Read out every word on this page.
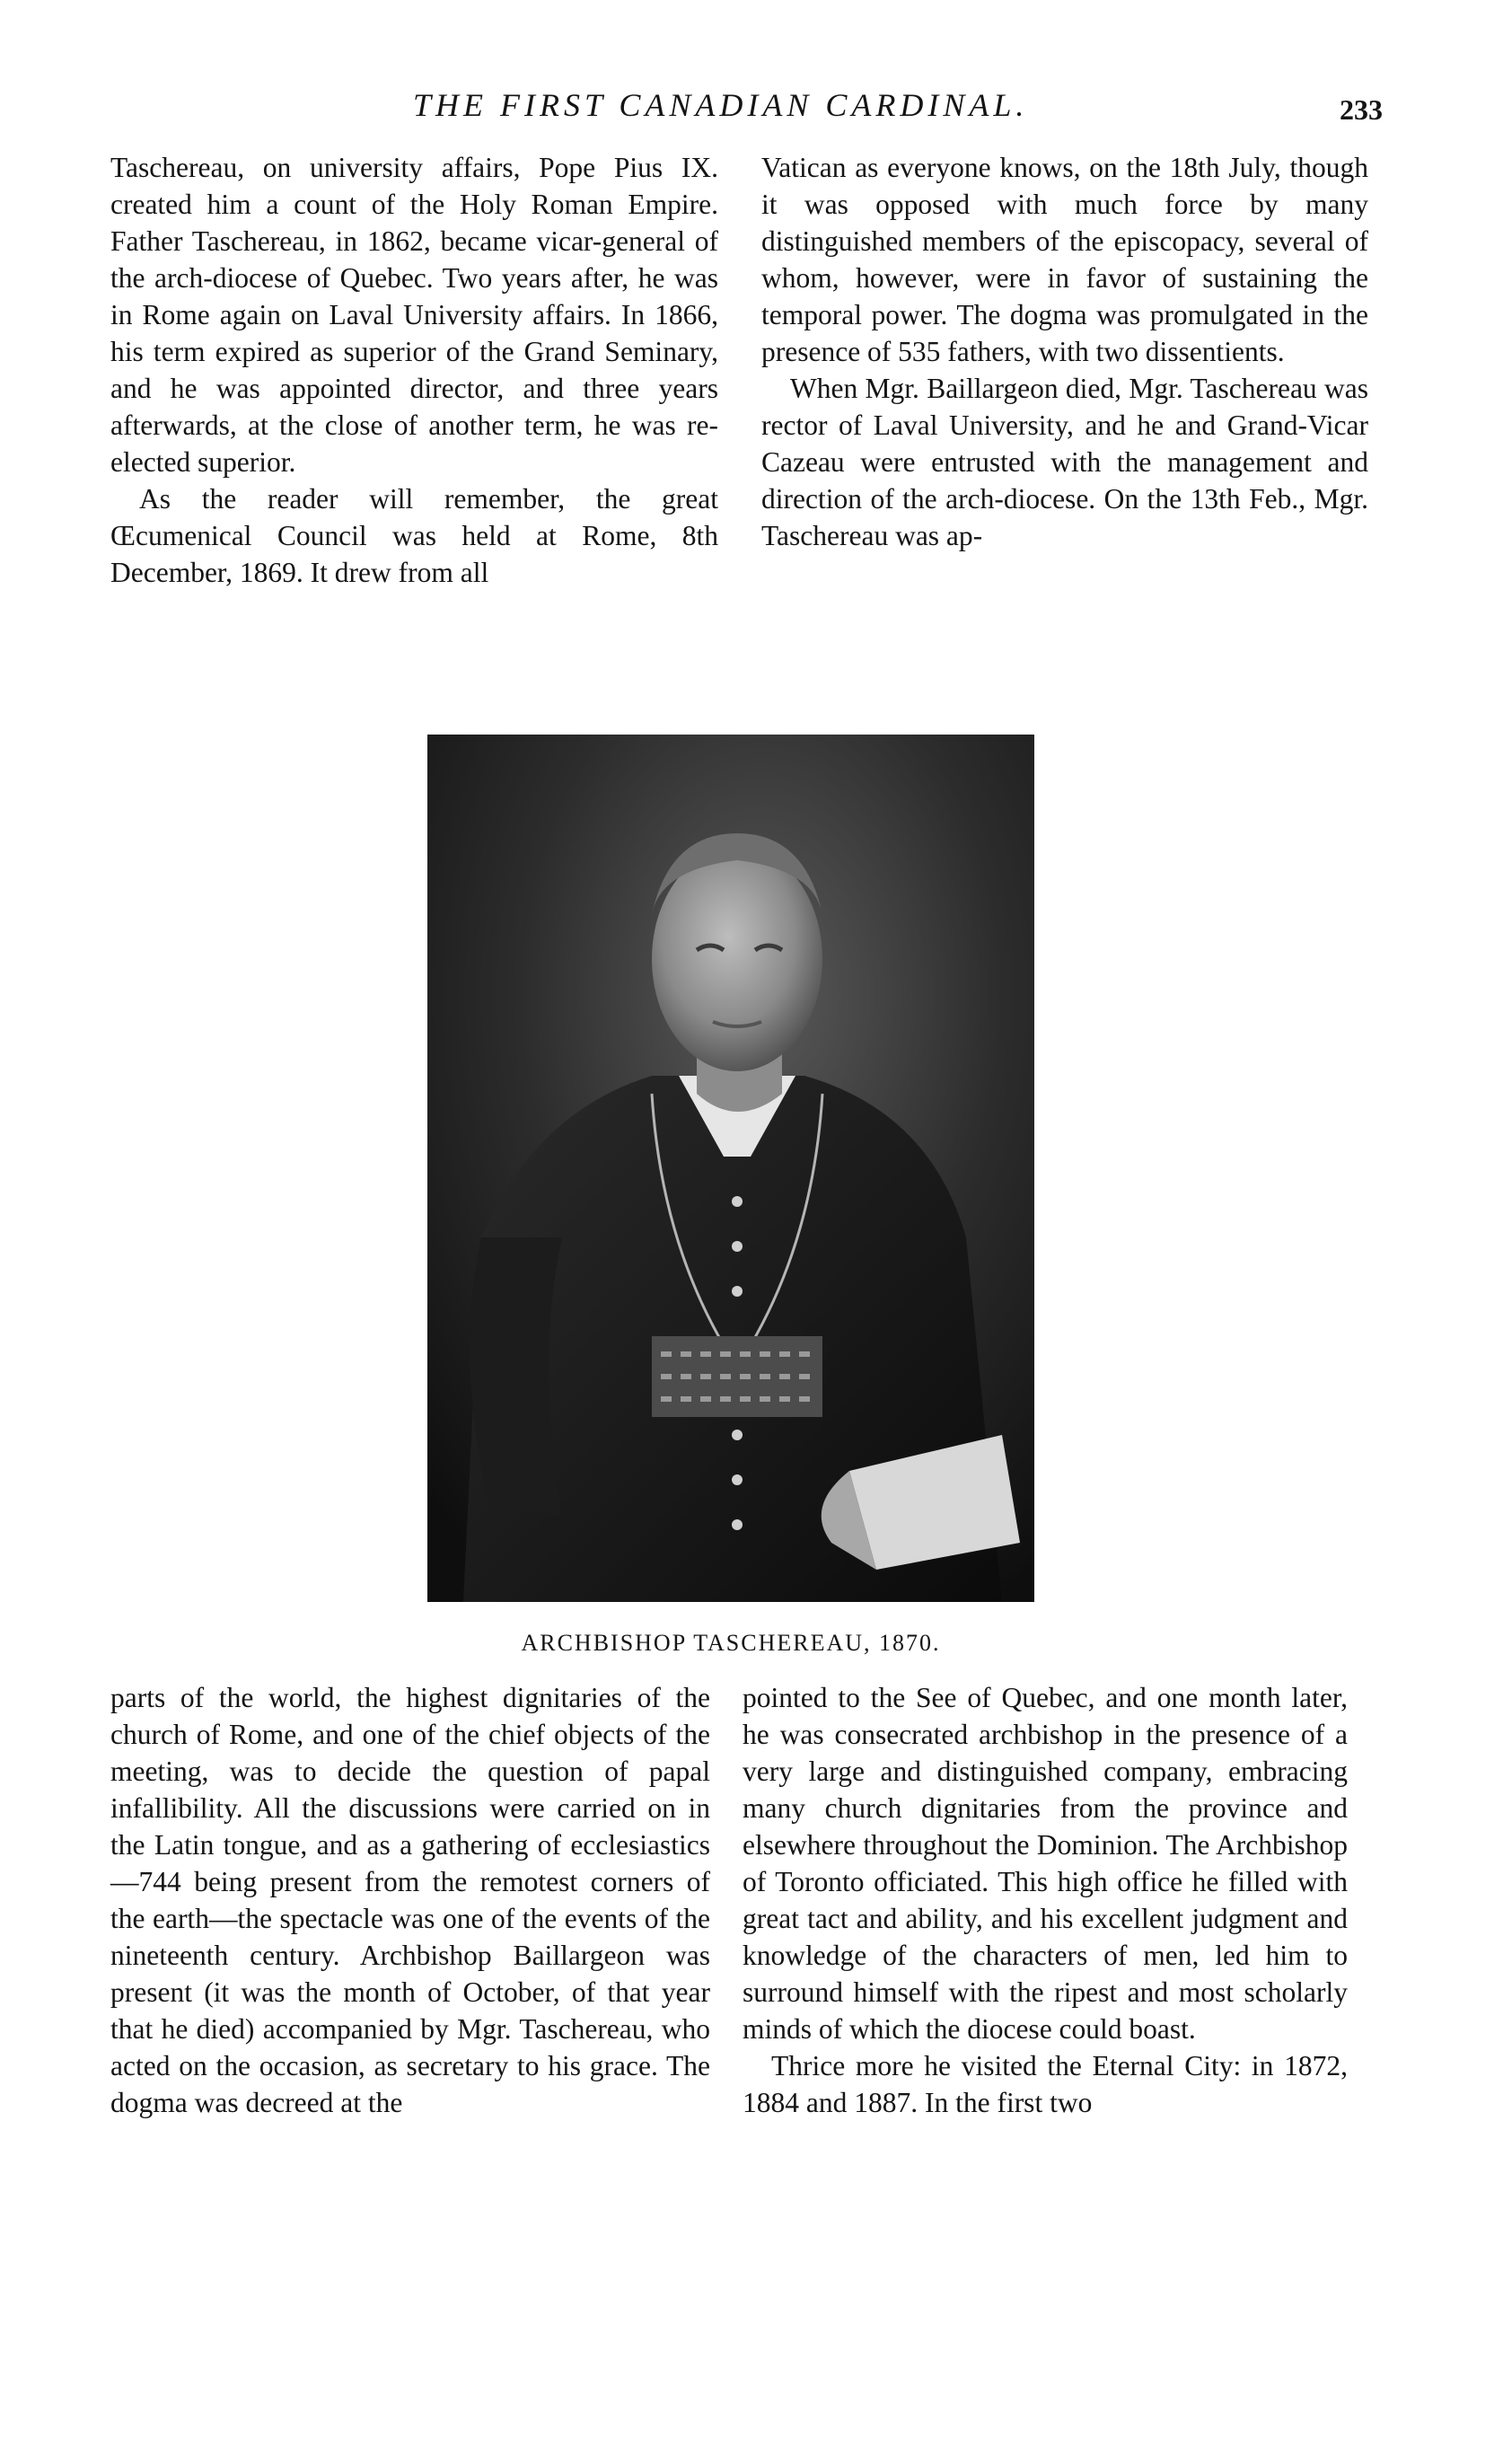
THE FIRST CANADIAN CARDINAL.	233

Taschereau, on university affairs, Pope Pius IX. created him a count of the Holy Roman Empire. Father Taschereau, in 1862, became vicar-general of the arch-diocese of Quebec. Two years after, he was in Rome again on Laval University affairs. In 1866, his term expired as superior of the Grand Seminary, and he was appointed director, and three years afterwards, at the close of another term, he was re-elected superior.

As the reader will remember, the great Œcumenical Council was held at Rome, 8th December, 1869. It drew from all

Vatican as everyone knows, on the 18th July, though it was opposed with much force by many distinguished members of the episcopacy, several of whom, however, were in favor of sustaining the temporal power. The dogma was promulgated in the presence of 535 fathers, with two dissentients.

When Mgr. Baillargeon died, Mgr. Taschereau was rector of Laval University, and he and Grand-Vicar Cazeau were entrusted with the management and direction of the arch-diocese. On the 13th Feb., Mgr. Taschereau was ap-

ARCHBISHOP TASCHEREAU, 1870.

parts of the world, the highest dignitaries of the church of Rome, and one of the chief objects of the meeting, was to decide the question of papal infallibility. All the discussions were carried on in the Latin tongue, and as a gathering of ecclesiastics—744 being present from the remotest corners of the earth—the spectacle was one of the events of the nineteenth century. Archbishop Baillargeon was present (it was the month of October, of that year that he died) accompanied by Mgr. Taschereau, who acted on the occasion, as secretary to his grace. The dogma was decreed at the

pointed to the See of Quebec, and one month later, he was consecrated archbishop in the presence of a very large and distinguished company, embracing many church dignitaries from the province and elsewhere throughout the Dominion. The Archbishop of Toronto officiated. This high office he filled with great tact and ability, and his excellent judgment and knowledge of the characters of men, led him to surround himself with the ripest and most scholarly minds of which the diocese could boast.

Thrice more he visited the Eternal City: in 1872, 1884 and 1887. In the first two
